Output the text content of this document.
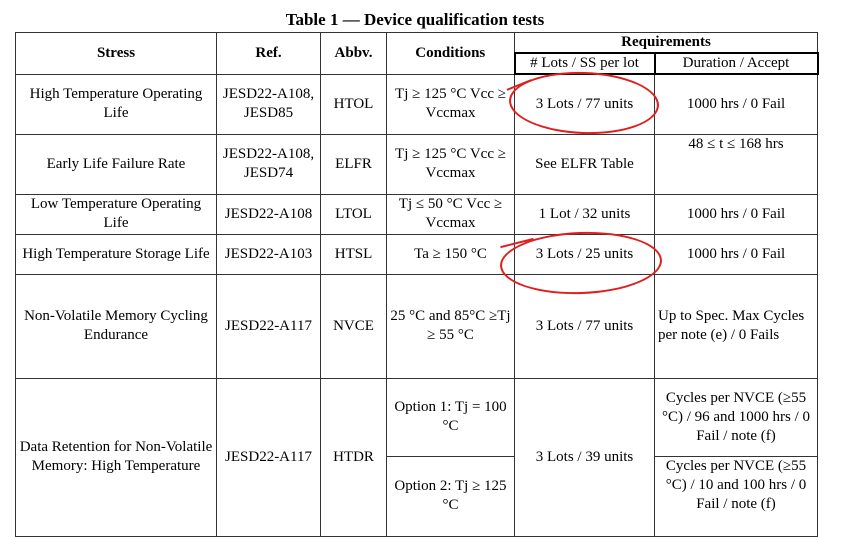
Table 1 — Device qualification tests
Stress	Ref.	Abbv.	Conditions	Requirements	
				# Lots / SS per lot	Duration / Accept
High Temperature Operating Life	JESD22-A108, JESD85	HTOL	Tj ≥ 125 °C Vcc ≥ Vccmax	3 Lots / 77 units	1000 hrs / 0 Fail
Early Life Failure Rate	JESD22-A108, JESD74	ELFR	Tj ≥ 125 °C Vcc ≥ Vccmax	See ELFR Table	48 ≤ t ≤ 168 hrs
Low Temperature Operating Life	JESD22-A108	LTOL	Tj ≤ 50 °C Vcc ≥ Vccmax	1 Lot / 32 units	1000 hrs / 0 Fail
High Temperature Storage Life	JESD22-A103	HTSL	Ta ≥ 150 °C	3 Lots / 25 units	1000 hrs / 0 Fail
Non-Volatile Memory Cycling Endurance	JESD22-A117	NVCE	25 °C and 85°C ≥Tj ≥ 55 °C	3 Lots / 77 units	Up to Spec. Max Cycles per note (e) / 0 Fails
Data Retention for Non-Volatile Memory: High Temperature	JESD22-A117	HTDR	Option 1: Tj = 100 °C	3 Lots / 39 units	Cycles per NVCE (≥55 °C) / 96 and 1000 hrs / 0 Fail / note (f)
			Option 2: Tj ≥ 125 °C		Cycles per NVCE (≥55 °C) / 10 and 100 hrs / 0 Fail / note (f)
